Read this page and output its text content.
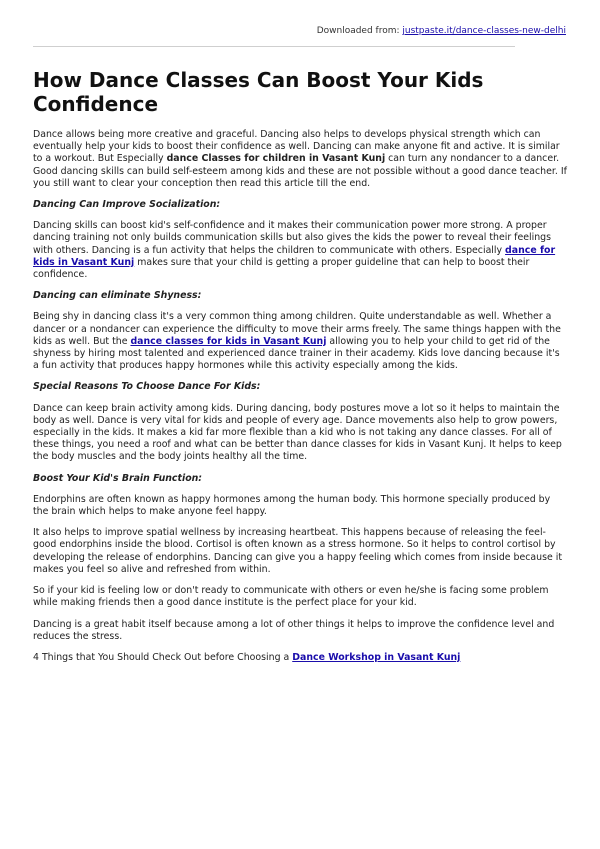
Downloaded from: justpaste.it/dance-classes-new-delhi
How Dance Classes Can Boost Your Kids Confidence

Dance allows being more creative and graceful. Dancing also helps to develops physical strength which can eventually help your kids to boost their confidence as well. Dancing can make anyone fit and active. It is similar to a workout. But Especially dance Classes for children in Vasant Kunj can turn any nondancer to a dancer. Good dancing skills can build self-esteem among kids and these are not possible without a good dance teacher. If you still want to clear your conception then read this article till the end.

Dancing Can Improve Socialization:

Dancing skills can boost kid's self-confidence and it makes their communication power more strong. A proper dancing training not only builds communication skills but also gives the kids the power to reveal their feelings with others. Dancing is a fun activity that helps the children to communicate with others. Especially dance for kids in Vasant Kunj makes sure that your child is getting a proper guideline that can help to boost their confidence.

Dancing can eliminate Shyness:

Being shy in dancing class it's a very common thing among children. Quite understandable as well. Whether a dancer or a nondancer can experience the difficulty to move their arms freely. The same things happen with the kids as well. But the dance classes for kids in Vasant Kunj allowing you to help your child to get rid of the shyness by hiring most talented and experienced dance trainer in their academy. Kids love dancing because it's a fun activity that produces happy hormones while this activity especially among the kids.

Special Reasons To Choose Dance For Kids:

Dance can keep brain activity among kids. During dancing, body postures move a lot so it helps to maintain the body as well. Dance is very vital for kids and people of every age. Dance movements also help to grow powers, especially in the kids. It makes a kid far more flexible than a kid who is not taking any dance classes. For all of these things, you need a roof and what can be better than dance classes for kids in Vasant Kunj. It helps to keep the body muscles and the body joints healthy all the time.

Boost Your Kid's Brain Function:

Endorphins are often known as happy hormones among the human body. This hormone specially produced by the brain which helps to make anyone feel happy.

It also helps to improve spatial wellness by increasing heartbeat. This happens because of releasing the feel-good endorphins inside the blood. Cortisol is often known as a stress hormone. So it helps to control cortisol by developing the release of endorphins. Dancing can give you a happy feeling which comes from inside because it makes you feel so alive and refreshed from within.

So if your kid is feeling low or don't ready to communicate with others or even he/she is facing some problem while making friends then a good dance institute is the perfect place for your kid.

Dancing is a great habit itself because among a lot of other things it helps to improve the confidence level and reduces the stress.

4 Things that You Should Check Out before Choosing a Dance Workshop in Vasant Kunj
